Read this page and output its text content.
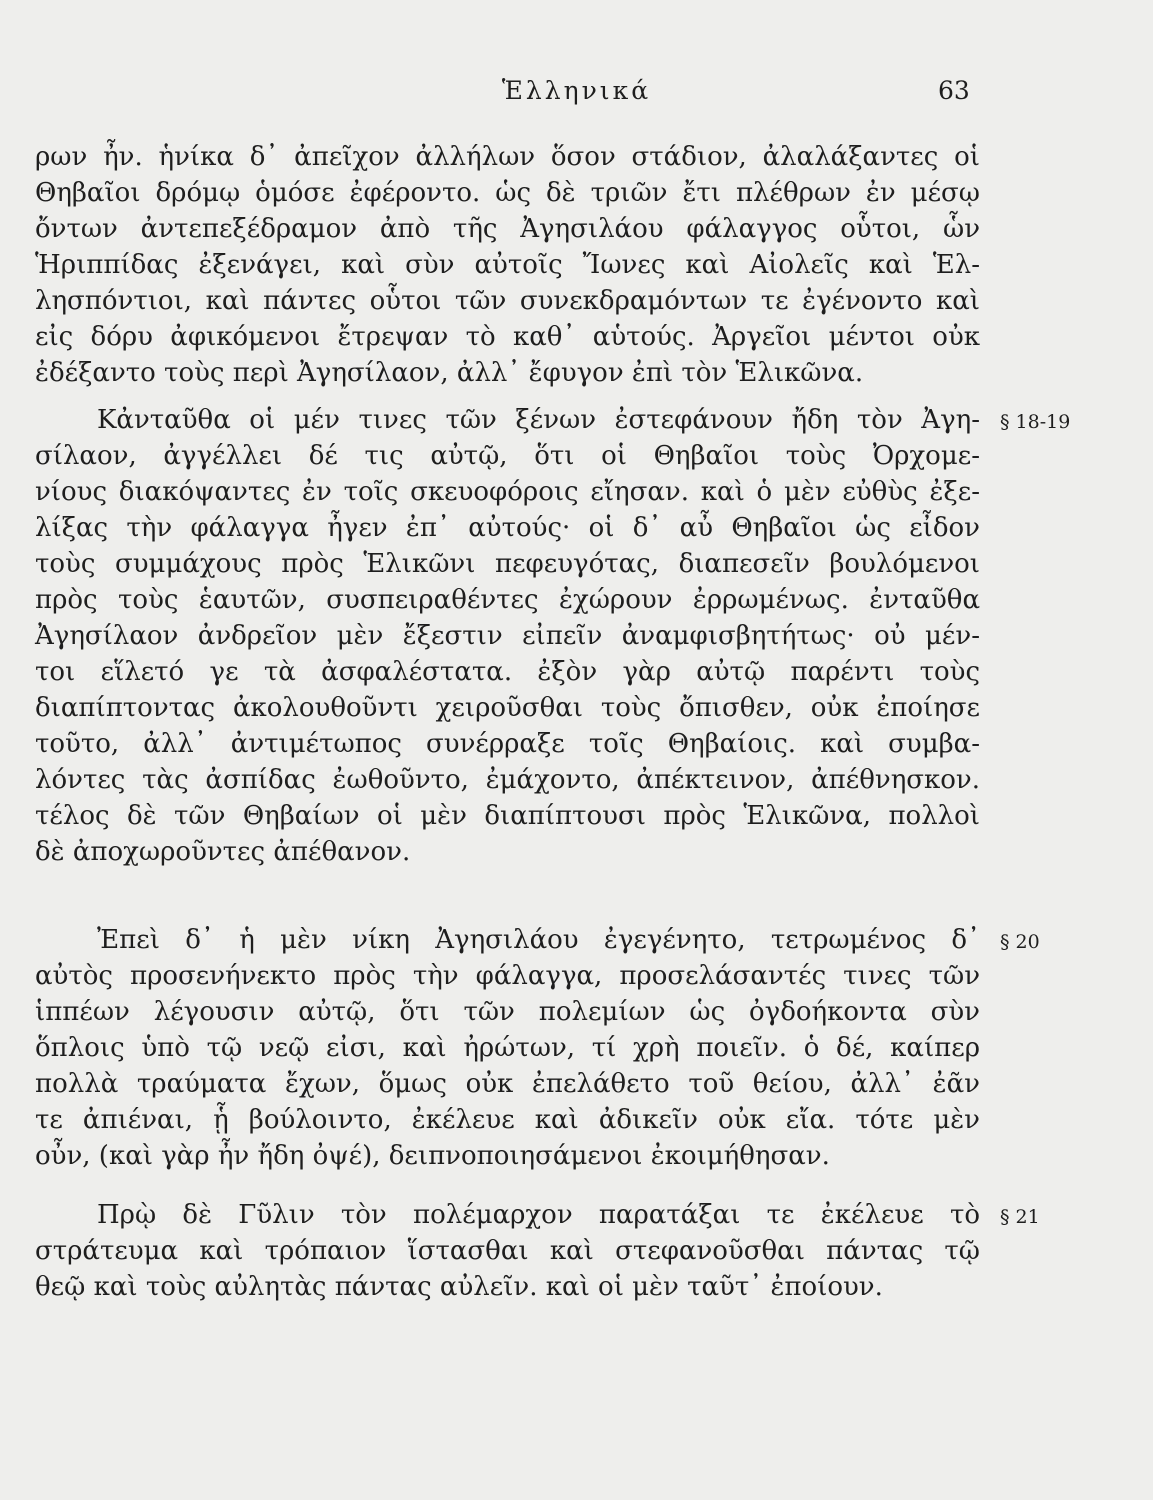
Ἑλληνικά	63
ρων ἦν. ἡνίκα δ᾽ ἀπεῖχον ἀλλήλων ὅσον στάδιον, ἀλαλάξαντες οἱ
Θηβαῖοι δρόμῳ ὁμόσε ἐφέροντο. ὡς δὲ τριῶν ἔτι πλέθρων ἐν μέσῳ
ὄντων ἀντεπεξέδραμον ἀπὸ τῆς Ἀγησιλάου φάλαγγος οὗτοι, ὧν
Ἡριππίδας ἐξενάγει, καὶ σὺν αὐτοῖς Ἴωνες καὶ Αἰολεῖς καὶ Ἑλ-
λησπόντιοι, καὶ πάντες οὗτοι τῶν συνεκδραμόντων τε ἐγένοντο καὶ
εἰς δόρυ ἀφικόμενοι ἔτρεψαν τὸ καθ᾽ αὑτούς. Ἀργεῖοι μέντοι οὐκ
ἐδέξαντο τοὺς περὶ Ἀγησίλαον, ἀλλ᾽ ἔφυγον ἐπὶ τὸν Ἑλικῶνα.
Κἀνταῦθα οἱ μέν τινες τῶν ξένων ἐστεφάνουν ἤδη τὸν Ἀγη- § 18-19
σίλαον, ἀγγέλλει δέ τις αὐτῷ, ὅτι οἱ Θηβαῖοι τοὺς Ὀρχομε-
νίους διακόψαντες ἐν τοῖς σκευοφόροις εἴησαν. καὶ ὁ μὲν εὐθὺς ἐξε-
λίξας τὴν φάλαγγα ἦγεν ἐπ᾽ αὐτούς· οἱ δ᾽ αὖ Θηβαῖοι ὡς εἶδον
τοὺς συμμάχους πρὸς Ἑλικῶνι πεφευγότας, διαπεσεῖν βουλόμενοι
πρὸς τοὺς ἑαυτῶν, συσπειραθέντες ἐχώρουν ἐρρωμένως. ἐνταῦθα
Ἀγησίλαον ἀνδρεῖον μὲν ἔξεστιν εἰπεῖν ἀναμφισβητήτως· οὐ μέν-
τοι εἵλετό γε τὰ ἀσφαλέστατα. ἐξὸν γὰρ αὐτῷ παρέντι τοὺς
διαπίπτοντας ἀκολουθοῦντι χειροῦσθαι τοὺς ὄπισθεν, οὐκ ἐποίησε
τοῦτο, ἀλλ᾽ ἀντιμέτωπος συνέρραξε τοῖς Θηβαίοις. καὶ συμβα-
λόντες τὰς ἀσπίδας ἐωθοῦντο, ἐμάχοντο, ἀπέκτεινον, ἀπέθνησκον.
τέλος δὲ τῶν Θηβαίων οἱ μὲν διαπίπτουσι πρὸς Ἑλικῶνα, πολλοὶ
δὲ ἀποχωροῦντες ἀπέθανον.
Ἐπεὶ δ᾽ ἡ μὲν νίκη Ἀγησιλάου ἐγεγένητο, τετρωμένος δ᾽ § 20
αὐτὸς προσενήνεκτο πρὸς τὴν φάλαγγα, προσελάσαντές τινες τῶν
ἱππέων λέγουσιν αὐτῷ, ὅτι τῶν πολεμίων ὡς ὀγδοήκοντα σὺν
ὅπλοις ὑπὸ τῷ νεῷ εἰσι, καὶ ἠρώτων, τί χρὴ ποιεῖν. ὁ δέ, καίπερ
πολλὰ τραύματα ἔχων, ὅμως οὐκ ἐπελάθετο τοῦ θείου, ἀλλ᾽ ἐᾶν
τε ἀπιέναι, ᾗ βούλοιντο, ἐκέλευε καὶ ἀδικεῖν οὐκ εἴα. τότε μὲν
οὖν, (καὶ γὰρ ἦν ἤδη ὀψέ), δειπνοποιησάμενοι ἐκοιμήθησαν.
Πρῲ δὲ Γῦλιν τὸν πολέμαρχον παρατάξαι τε ἐκέλευε τὸ § 21
στράτευμα καὶ τρόπαιον ἵστασθαι καὶ στεφανοῦσθαι πάντας τῷ
θεῷ καὶ τοὺς αὐλητὰς πάντας αὐλεῖν. καὶ οἱ μὲν ταῦτ᾽ ἐποίουν.
